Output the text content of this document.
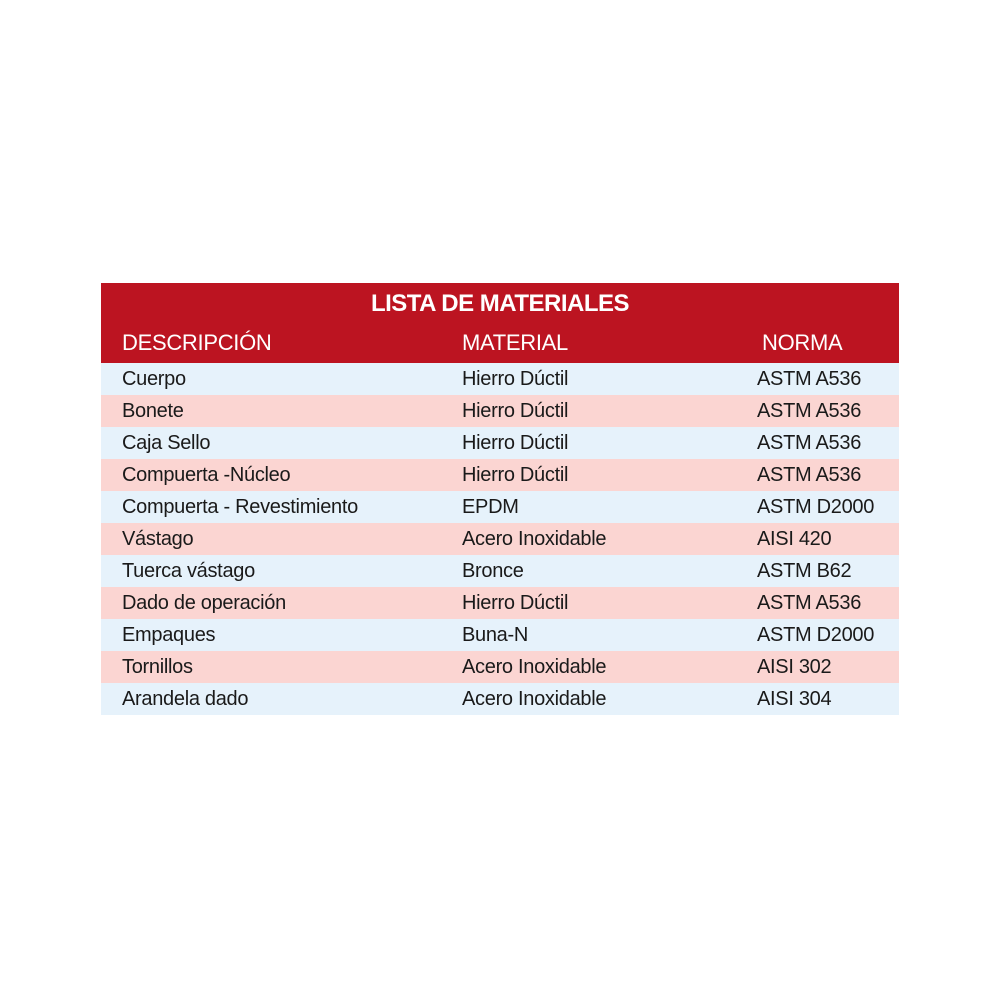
LISTA DE MATERIALES
DESCRIPCIÓN	MATERIAL	NORMA
Cuerpo	Hierro Dúctil	ASTM A536
Bonete	Hierro Dúctil	ASTM A536
Caja Sello	Hierro Dúctil	ASTM A536
Compuerta -Núcleo	Hierro Dúctil	ASTM A536
Compuerta - Revestimiento	EPDM	ASTM D2000
Vástago	Acero Inoxidable	AISI 420
Tuerca vástago	Bronce	ASTM B62
Dado de operación	Hierro Dúctil	ASTM A536
Empaques	Buna-N	ASTM D2000
Tornillos	Acero Inoxidable	AISI 302
Arandela dado	Acero Inoxidable	AISI 304
